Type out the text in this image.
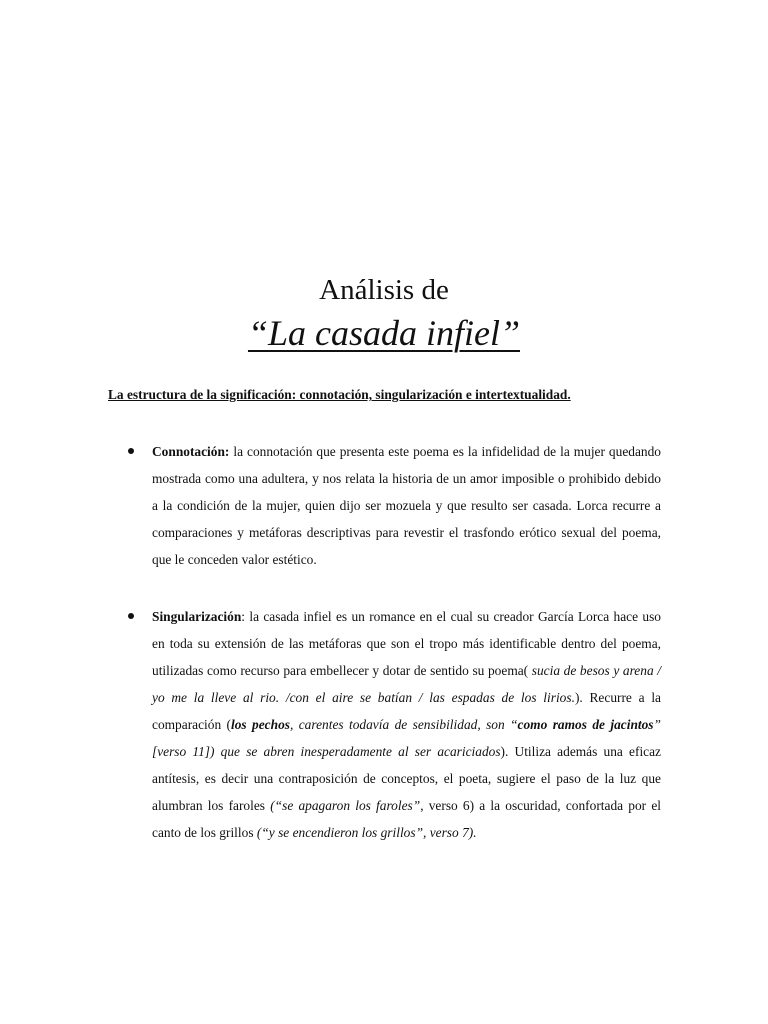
Análisis de
“La casada infiel”
La estructura de la significación: connotación, singularización e intertextualidad.
Connotación: la connotación que presenta este poema es la infidelidad de la mujer quedando mostrada como una adultera, y nos relata la historia de un amor imposible o prohibido debido a la condición de la mujer, quien dijo ser mozuela y que resulto ser casada. Lorca recurre a comparaciones y metáforas descriptivas para revestir el trasfondo erótico sexual del poema, que le conceden valor estético.
Singularización: la casada infiel es un romance en el cual su creador García Lorca hace uso en toda su extensión de las metáforas que son el tropo más identificable dentro del poema, utilizadas como recurso para embellecer y dotar de sentido su poema( sucia de besos y arena / yo me la lleve al rio. /con el aire se batían / las espadas de los lirios.). Recurre a la comparación (los pechos, carentes todavía de sensibilidad, son “como ramos de jacintos” [verso 11]) que se abren inesperadamente al ser acariciados). Utiliza además una eficaz antítesis, es decir una contraposición de conceptos, el poeta, sugiere el paso de la luz que alumbran los faroles (“se apagaron los faroles”, verso 6) a la oscuridad, confortada por el canto de los grillos (“y se encendieron los grillos”, verso 7).
